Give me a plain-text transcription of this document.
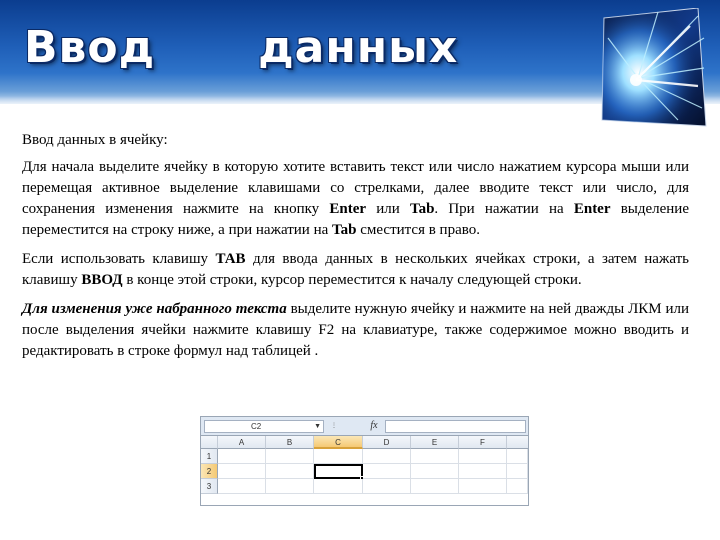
Ввод   данных

Ввод данных в ячейку:

Для начала выделите ячейку в которую хотите вставить текст или число нажатием курсора мыши или перемещая активное выделение клавишами со стрелками, далее вводите текст или число, для сохранения изменения нажмите на кнопку Enter или Tab. При нажатии на Enter выделение переместится на строку ниже, а при нажатии на Tab сместится в право.

Если использовать клавишу ТАВ для ввода данных в нескольких ячейках строки, а затем нажать клавишу ВВОД в конце этой строки, курсор переместится к началу следующей строки.

Для изменения уже набранного текста выделите нужную ячейку и нажмите на ней дважды ЛКМ или после выделения ячейки нажмите клавишу F2 на клавиатуре, также содержимое можно вводить и редактировать в строке формул над таблицей .

C2	▼ ⋮	fx
A	B	C	D	E	F
1
2
3
